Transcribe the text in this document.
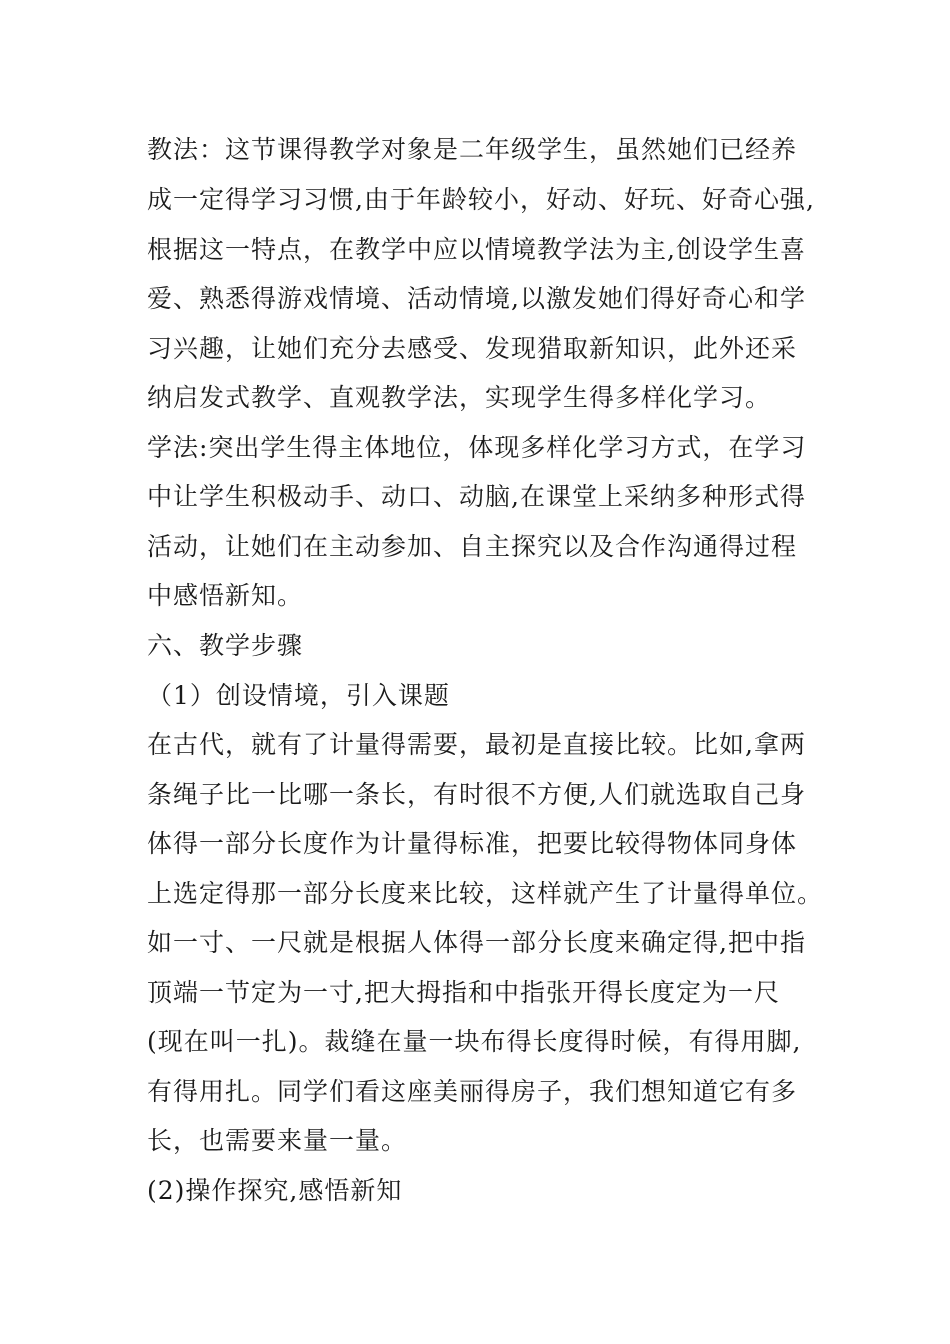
教法：这节课得教学对象是二年级学生，虽然她们已经养
成一定得学习习惯,由于年龄较小，好动、好玩、好奇心强,
根据这一特点，在教学中应以情境教学法为主,创设学生喜
爱、熟悉得游戏情境、活动情境,以激发她们得好奇心和学
习兴趣，让她们充分去感受、发现猎取新知识，此外还采
纳启发式教学、直观教学法，实现学生得多样化学习。
学法:突出学生得主体地位，体现多样化学习方式，在学习
中让学生积极动手、动口、动脑,在课堂上采纳多种形式得
活动，让她们在主动参加、自主探究以及合作沟通得过程
中感悟新知。
六、教学步骤
（1）创设情境，引入课题
在古代，就有了计量得需要，最初是直接比较。比如,拿两
条绳子比一比哪一条长，有时很不方便,人们就选取自己身
体得一部分长度作为计量得标准，把要比较得物体同身体
上选定得那一部分长度来比较，这样就产生了计量得单位。
如一寸、一尺就是根据人体得一部分长度来确定得,把中指
顶端一节定为一寸,把大拇指和中指张开得长度定为一尺
(现在叫一扎)。裁缝在量一块布得长度得时候，有得用脚,
有得用扎。同学们看这座美丽得房子，我们想知道它有多
长，也需要来量一量。
(2)操作探究,感悟新知
